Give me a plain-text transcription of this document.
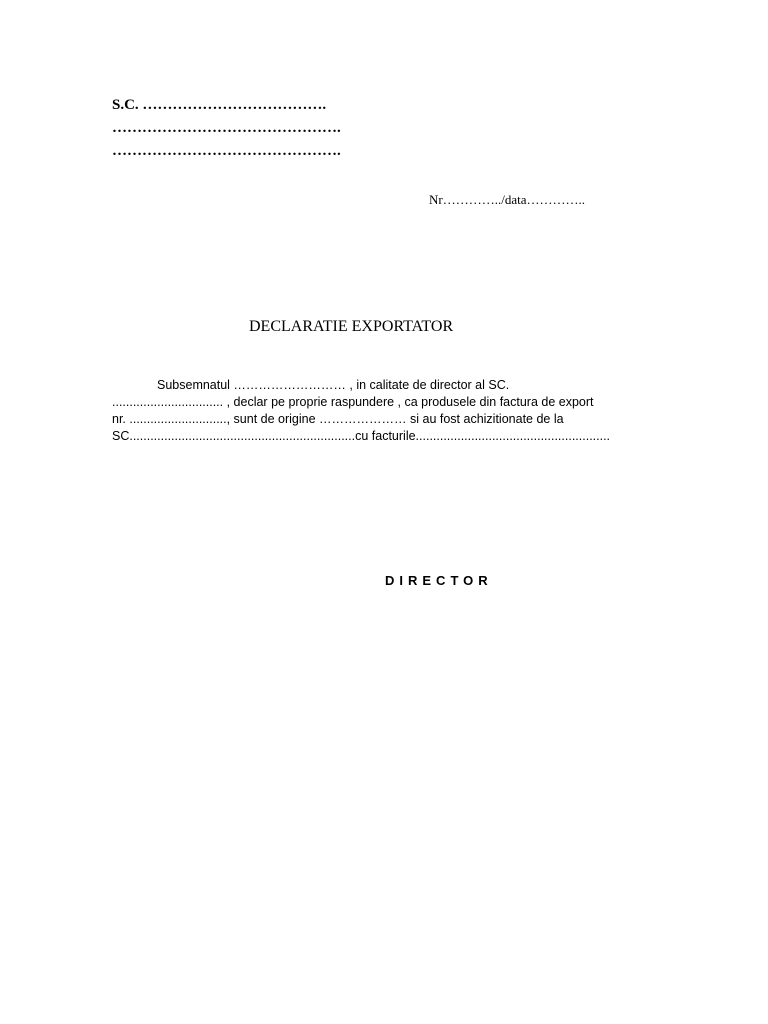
S.C. ……………………………….
……………………………………….
……………………………………….
Nr…………../data…………..
DECLARATIE EXPORTATOR
Subsemnatul ……………………… , in calitate de director al SC.
................................ , declar pe proprie raspundere , ca produsele din factura de export
nr. ............................, sunt de origine ………………… si au fost achizitionate de la
SC.................................................................cu facturile........................................................
DIRECTOR
